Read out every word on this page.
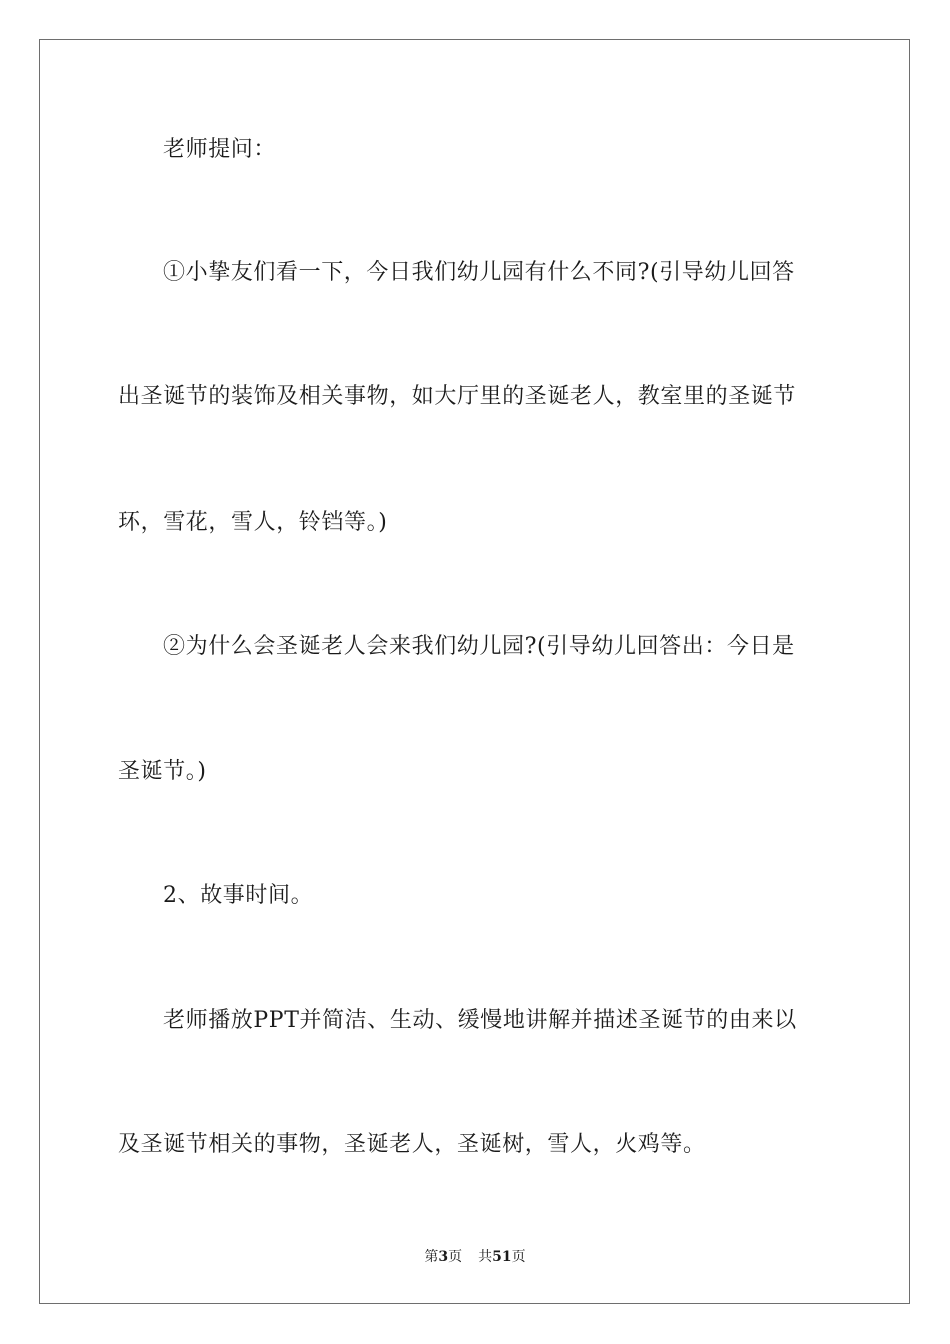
老师提问：
①小挚友们看一下，今日我们幼儿园有什么不同?(引导幼儿回答
出圣诞节的装饰及相关事物，如大厅里的圣诞老人，教室里的圣诞节
环，雪花，雪人，铃铛等。)
②为什么会圣诞老人会来我们幼儿园?(引导幼儿回答出：今日是
圣诞节。)
2、故事时间。
老师播放PPT并简洁、生动、缓慢地讲解并描述圣诞节的由来以
及圣诞节相关的事物，圣诞老人，圣诞树，雪人，火鸡等。
第3页 共51页
